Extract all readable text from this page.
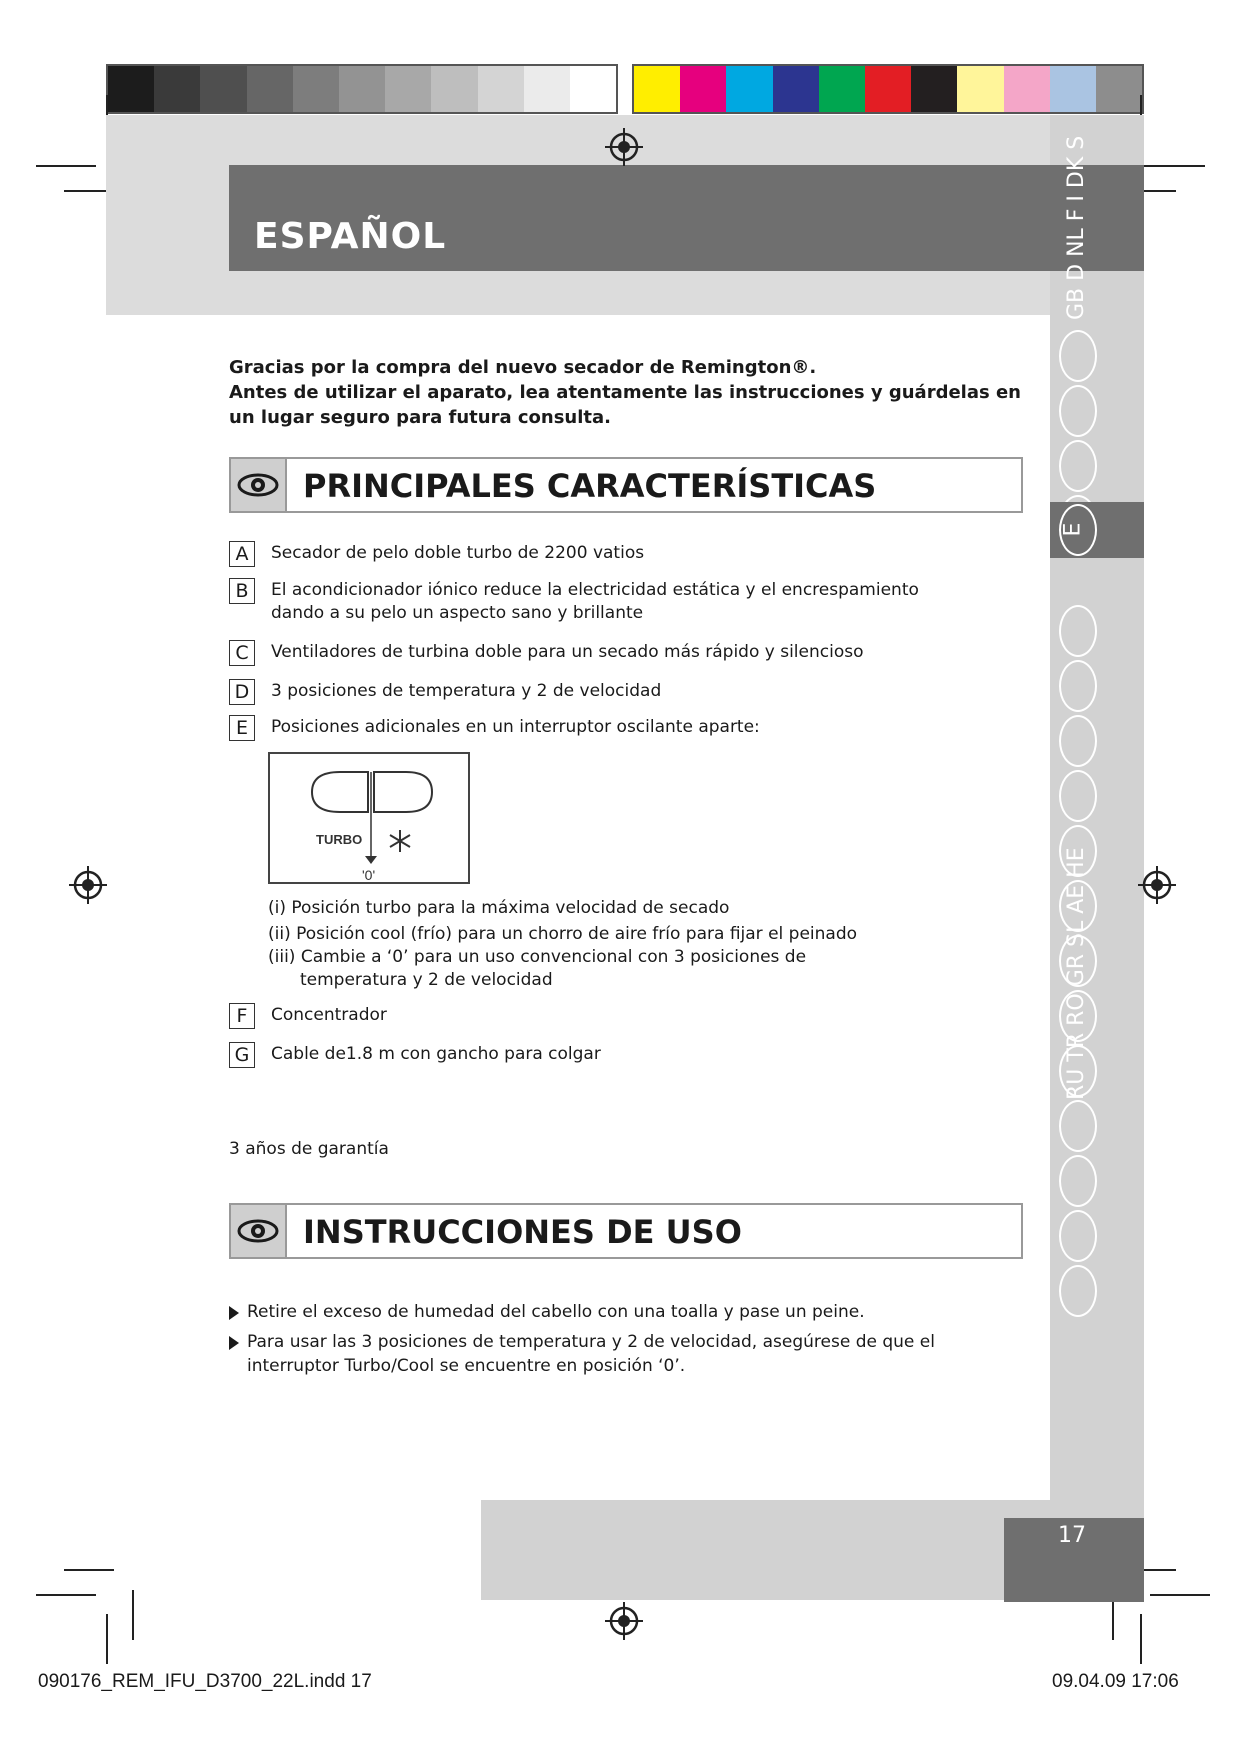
ESPAÑOL	GB D NL F I DK S
E
RU TR RO GR SL AE HE

Gracias por la compra del nuevo secador de Remington®.

Antes de utilizar el aparato, lea atentamente las instrucciones y guárdelas en un lugar seguro para futura consulta.

PRINCIPALES CARACTERÍSTICAS
A	Secador de pelo doble turbo de 2200 vatios
B	El acondicionador iónico reduce la electricidad estática y el encrespamiento dando a su pelo un aspecto sano y brillante
C	Ventiladores de turbina doble para un secado más rápido y silencioso
D	3 posiciones de temperatura y 2 de velocidad
E	Posiciones adicionales en un interruptor oscilante aparte:
TURBO
'0'
(i) Posición turbo para la máxima velocidad de secado
(ii) Posición cool (frío) para un chorro de aire frío para fijar el peinado
(iii) Cambie a ‘0’ para un uso convencional con 3 posiciones de
temperatura y 2 de velocidad
F	Concentrador
G	Cable de1.8 m con gancho para colgar
3 años de garantía
INSTRUCCIONES DE USO
Retire el exceso de humedad del cabello con una toalla y pase un peine.
Para usar las 3 posiciones de temperatura y 2 de velocidad, asegúrese de que el interruptor Turbo/Cool se encuentre en posición ‘0’.
17
090176_REM_IFU_D3700_22L.indd 17	09.04.09 17:06
